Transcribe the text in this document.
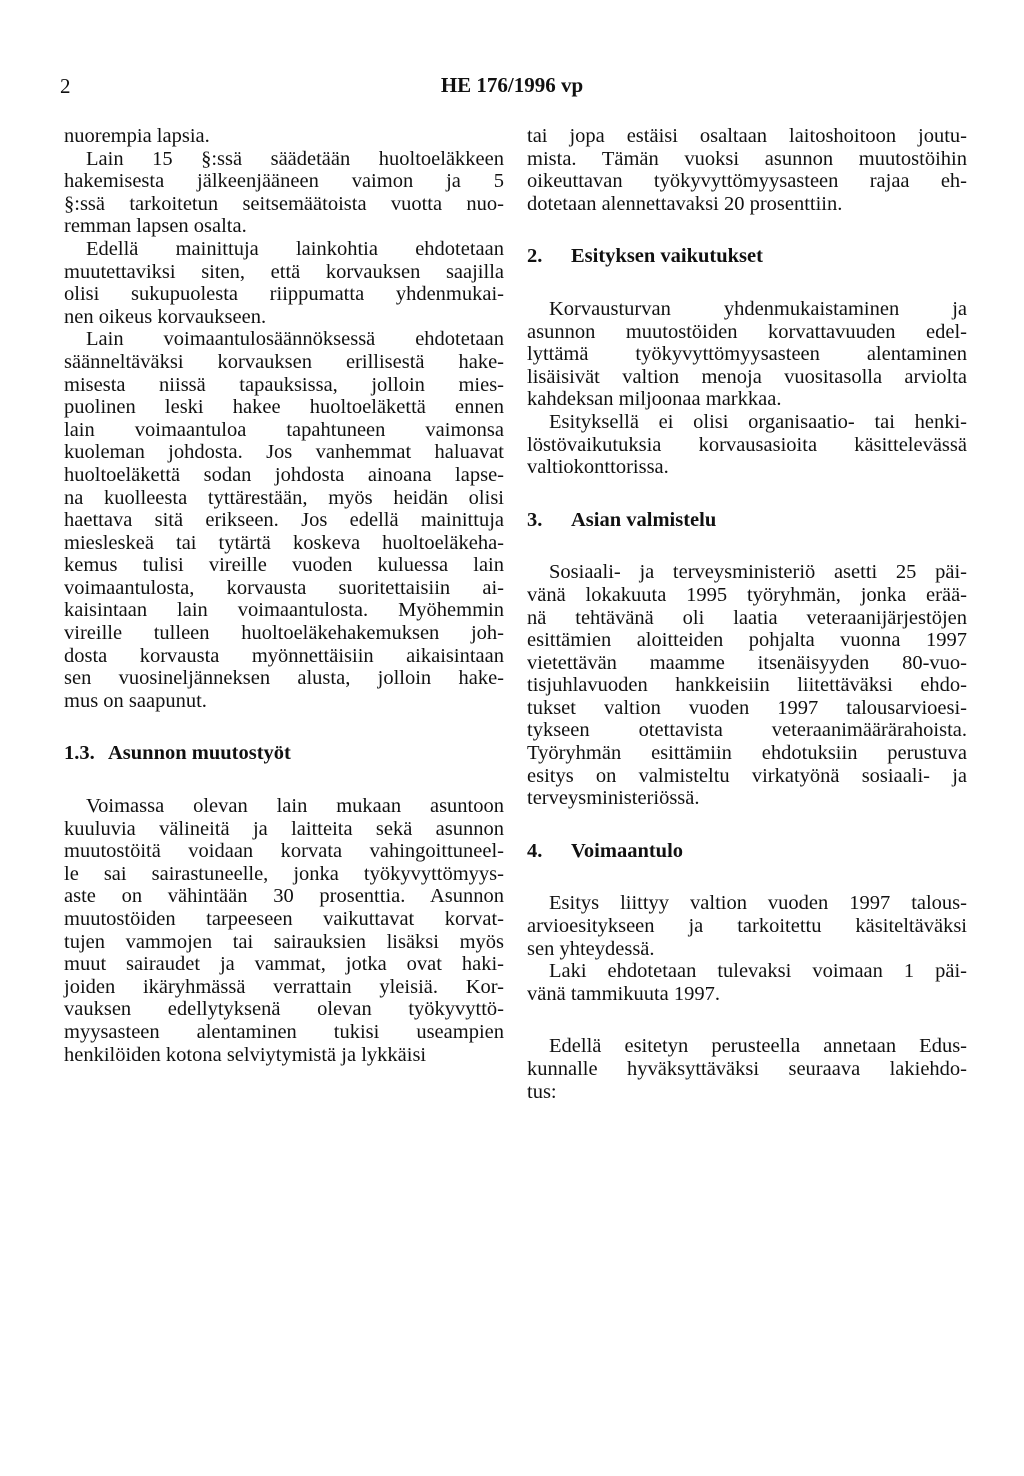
2	HE 176/1996 vp
nuorempia lapsia.
Lain 15 §:ssä säädetään huoltoeläkkeen
hakemisesta jälkeenjääneen vaimon ja 5
§:ssä tarkoitetun seitsemäätoista vuotta nuo-
remman lapsen osalta.
Edellä mainittuja lainkohtia ehdotetaan
muutettaviksi siten, että korvauksen saajilla
olisi sukupuolesta riippumatta yhdenmukai-
nen oikeus korvaukseen.
Lain voimaantulosäännöksessä ehdotetaan
säänneltäväksi korvauksen erillisestä hake-
misesta niissä tapauksissa, jolloin mies-
puolinen leski hakee huoltoeläkettä ennen
lain voimaantuloa tapahtuneen vaimonsa
kuoleman johdosta. Jos vanhemmat haluavat
huoltoeläkettä sodan johdosta ainoana lapse-
na kuolleesta tyttärestään, myös heidän olisi
haettava sitä erikseen. Jos edellä mainittuja
miesleskeä tai tytärtä koskeva huoltoeläkeha-
kemus tulisi vireille vuoden kuluessa lain
voimaantulosta, korvausta suoritettaisiin ai-
kaisintaan lain voimaantulosta. Myöhemmin
vireille tulleen huoltoeläkehakemuksen joh-
dosta korvausta myönnettäisiin aikaisintaan
sen vuosineljänneksen alusta, jolloin hake-
mus on saapunut.
1.3. Asunnon muutostyöt
Voimassa olevan lain mukaan asuntoon
kuuluvia välineitä ja laitteita sekä asunnon
muutostöitä voidaan korvata vahingoittuneel-
le sai sairastuneelle, jonka työkyvyttömyys-
aste on vähintään 30 prosenttia. Asunnon
muutostöiden tarpeeseen vaikuttavat korvat-
tujen vammojen tai sairauksien lisäksi myös
muut sairaudet ja vammat, jotka ovat haki-
joiden ikäryhmässä verrattain yleisiä. Kor-
vauksen edellytyksenä olevan työkyvyttö-
myysasteen alentaminen tukisi useampien
henkilöiden kotona selviytymistä ja lykkäisi
tai jopa estäisi osaltaan laitoshoitoon joutu-
mista. Tämän vuoksi asunnon muutostöihin
oikeuttavan työkyvyttömyysasteen rajaa eh-
dotetaan alennettavaksi 20 prosenttiin.
2.	Esityksen vaikutukset
Korvausturvan yhdenmukaistaminen ja
asunnon muutostöiden korvattavuuden edel-
lyttämä työkyvyttömyysasteen alentaminen
lisäisivät valtion menoja vuositasolla arviolta
kahdeksan miljoonaa markkaa.
Esityksellä ei olisi organisaatio- tai henki-
löstövaikutuksia korvausasioita käsittelevässä
valtiokonttorissa.
3.	Asian valmistelu
Sosiaali- ja terveysministeriö asetti 25 päi-
vänä lokakuuta 1995 työryhmän, jonka erää-
nä tehtävänä oli laatia veteraanijärjestöjen
esittämien aloitteiden pohjalta vuonna 1997
vietettävän maamme itsenäisyyden 80-vuo-
tisjuhlavuoden hankkeisiin liitettäväksi ehdo-
tukset valtion vuoden 1997 talousarvioesi-
tykseen otettavista veteraanimäärärahoista.
Työryhmän esittämiin ehdotuksiin perustuva
esitys on valmisteltu virkatyönä sosiaali- ja
terveysministeriössä.
4.	Voimaantulo
Esitys liittyy valtion vuoden 1997 talous-
arvioesitykseen ja tarkoitettu käsiteltäväksi
sen yhteydessä.
Laki ehdotetaan tulevaksi voimaan 1 päi-
vänä tammikuuta 1997.
Edellä esitetyn perusteella annetaan Edus-
kunnalle hyväksyttäväksi seuraava lakiehdo-
tus:
